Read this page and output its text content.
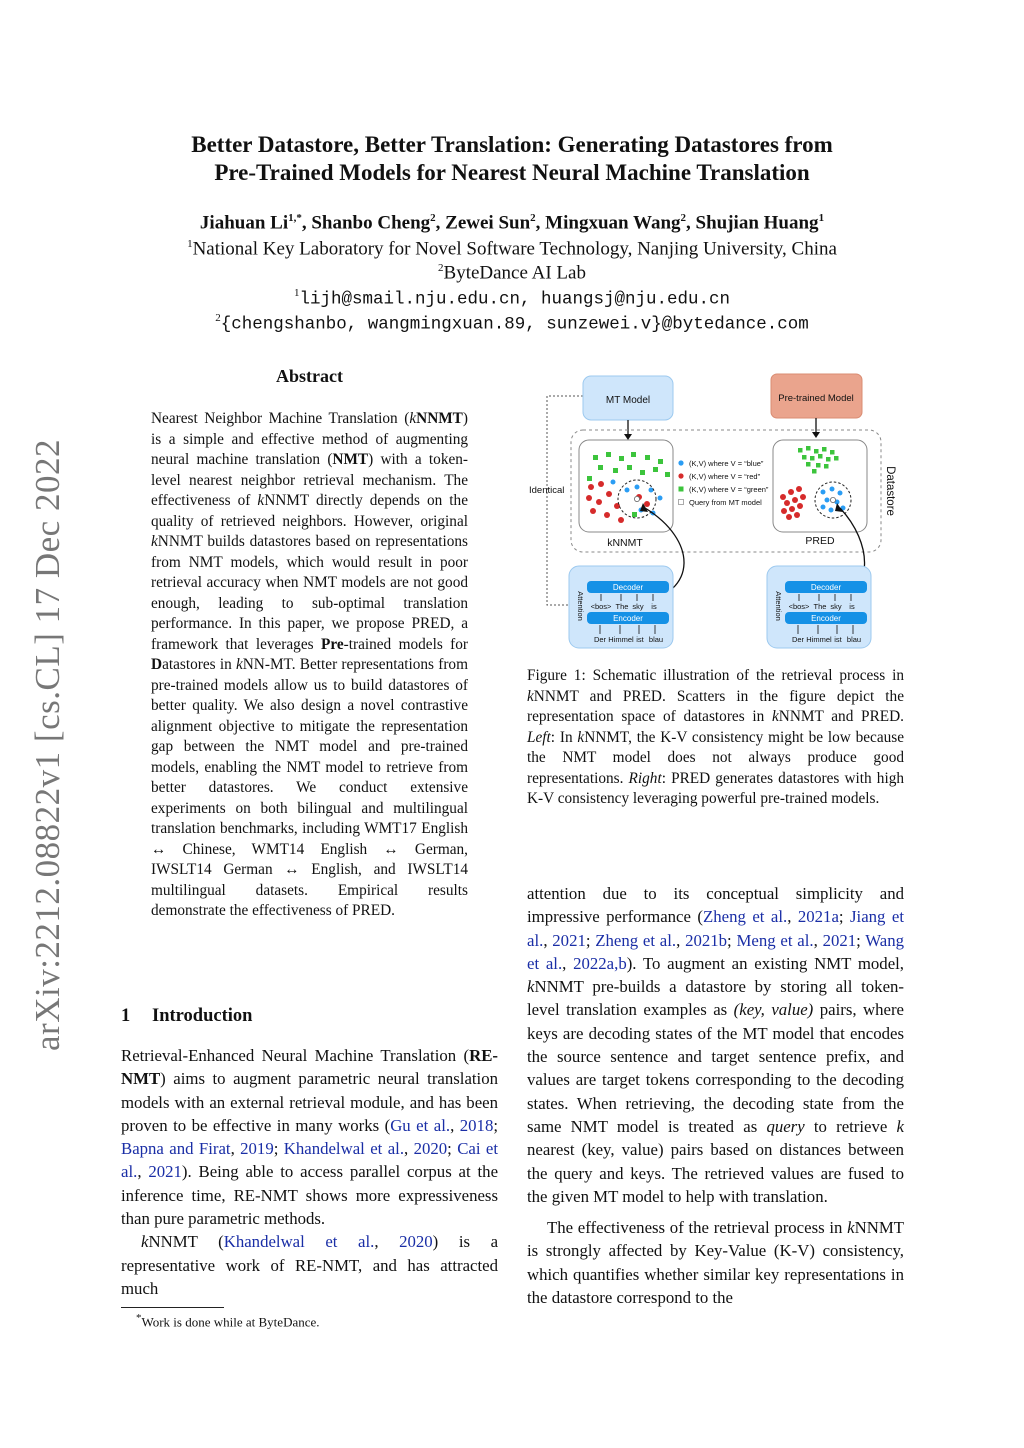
Better Datastore, Better Translation: Generating Datastores from
Pre-Trained Models for Nearest Neural Machine Translation
Jiahuan $Li^{1,*}$, Shanbo Cheng$^2$, Zewei Sun$^2$, Mingxuan Wang$^2$, Shujian Huang$^1$
$^1$National Key Laboratory for Novel Software Technology, Nanjing University, China
$^2$ByteDance AI Lab
$^1$lijh@smail.nju.edu.cn, huangsj@nju.edu.cn
$^2${chengshanbo, wangmingxuan.89, sunzewei.v}@bytedance.com
arXiv:2212.08822v1 [cs.CL] 17 Dec 2022
Abstract
Nearest Neighbor Machine Translation (kNNMT) is a simple and effective method of augmenting neural machine translation (NMT) with a token-level nearest neighbor retrieval mechanism. The effectiveness of kNNMT directly depends on the quality of retrieved neighbors. However, original kNNMT builds datastores based on representations from NMT models, which would result in poor retrieval accuracy when NMT models are not good enough, leading to sub-optimal translation performance. In this paper, we propose PRED, a framework that leverages Pre-trained models for Datastores in kNN-MT. Better representations from pre-trained models allow us to build datastores of better quality. We also design a novel contrastive alignment objective to mitigate the representation gap between the NMT model and pre-trained models, enabling the NMT model to retrieve from better datastores. We conduct extensive experiments on both bilingual and multilingual translation benchmarks, including WMT17 English ↔ Chinese, WMT14 English ↔ German, IWSLT14 German ↔ English, and IWSLT14 multilingual datasets. Empirical results demonstrate the effectiveness of PRED.
1 Introduction

Retrieval-Enhanced Neural Machine Translation (RE-NMT) aims to augment parametric neural translation models with an external retrieval module, and has been proven to be effective in many works (Gu et al., 2018; Bapna and Firat, 2019; Khandelwal et al., 2020; Cai et al., 2021). Being able to access parallel corpus at the inference time, RE-NMT shows more expressiveness than pure parametric methods.

kNNMT (Khandelwal et al., 2020) is a representative work of RE-NMT, and has attracted much

*Work is done while at ByteDance.
Identical
MT Model	Pre-trained Model
Datastore
kNNMT
(K,V) where V = “blue”
(K,V) where V = “red”
(K,V) where V = “green”
Query from MT model
PRED
Attention
Decoder
Encoder
<bos> The sky is
Der Himmel ist blau
Attention
Decoder
Encoder
<bos> The sky is
Der Himmel ist blau
Figure 1: Schematic illustration of the retrieval process in kNNMT and PRED. Scatters in the figure depict the representation space of datastores in kNNMT and PRED. Left: In kNNMT, the K-V consistency might be low because the NMT model does not always produce good representations. Right: PRED generates datastores with high K-V consistency leveraging powerful pre-trained models.

attention due to its conceptual simplicity and impressive performance (Zheng et al., 2021a; Jiang et al., 2021; Zheng et al., 2021b; Meng et al., 2021; Wang et al., 2022a,b). To augment an existing NMT model, kNNMT pre-builds a datastore by storing all token-level translation examples as (key, value) pairs, where keys are decoding states of the MT model that encodes the source sentence and target sentence prefix, and values are target tokens corresponding to the decoding states. When retrieving, the decoding state from the same NMT model is treated as query to retrieve k nearest (key, value) pairs based on distances between the query and keys. The retrieved values are fused to the given MT model to help with translation.

The effectiveness of the retrieval process in kNNMT is strongly affected by Key-Value (K-V) consistency, which quantifies whether similar key representations in the datastore correspond to the
